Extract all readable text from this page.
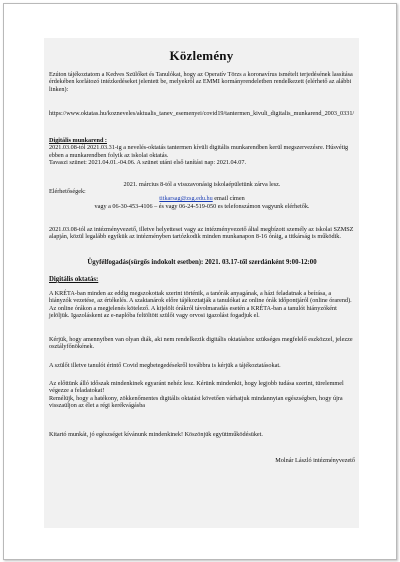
Közlemény

Ezúton tájékoztatom a Kedves Szülőket és Tanulókat, hogy az Operatív Törzs a koronavírus ismételt terjedésének lassítása érdekében korlátozó intézkedéseket jelentett be, melyekről az EMMI kormányrendeletben rendelkezett (elérhető az alábbi linken):

https://www.oktatas.hu/kozneveles/aktualis_tanev_esemenyei/covid19/tantermen_kivuli_digitalis_munkarend_2003_0331/

Digitális munkarend :

2021.03.08-tól 2021.03.31-ig a nevelés-oktatás tantermen kívüli digitális munkarendben kerül megszervezésre. Húsvétig ebben a munkarendben folyik az iskolai oktatás.

Tavaszi szünet: 2021.04.01.-04.06. A szünet utáni első tanítási nap: 2021.04.07.

2021. március 8-tól a visszavonásig iskolaépületünk zárva lesz.

Elérhetőségek:

titkarsag@zsg.edu.hu email címen

vagy a 06-30-453-4106 – és vagy 06-24-519-050 es telefonszámon vagyunk elérhetők.

2021.03.08-tól az intézményvezető, illetve helyettesei vagy az intézményvezető által megbízott személy az iskolai SZMSZ alapján, közül legalább egyikük az intézményben tartózkodik minden munkanapon 8-16 óráig, a titkárság is működik.

Ügyfélfogadás(sürgős indokolt esetben): 2021. 03.17-től szerdánként 9:00-12:00

Digitális oktatás:

A KRÉTA-ban minden az eddig megszokottak szerint történik, a tanórák anyagának, a házi feladatnak a beírása, a hiányzók vezetése, az értékelés. A szaktanárok előre tájékoztatják a tanulókat az online órák időpontjáról (online órarend). Az online órákon a megjelenés kötelező. A kijelölt órákról távolmaradás esetén a KRÉTA-ban a tanulót hiányzóként jelöljük. Igazoláskent az e-naplóba feltöltött szülői vagy orvosi igazolást fogadjuk el.

Kérjük, hogy amennyiben van olyan diák, aki nem rendelkezik digitális oktatáshoz szükséges megfelelő eszközzel, jelezze osztályfőnökének.

A szülőt illetve tanulót érintő Covid megbetegedésekről továbbra is kérjük a tájékoztatásokat.

Az előttünk álló időszak mindenkinek egyaránt nehéz lesz. Kérünk mindenkit, hogy legjobb tudása szerint, türelemmel végezze a feladatokat!

Remélüjk, hogy a hatékony, zökkenőmentes digitális oktatást követően várhatjuk mindannyian egészségben, hogy újra visszaüljon az élet a régi kerékvágásba

Kitartó munkát, jó egészséget kívánunk mindenkinek! Köszönjük együttműködésüket.

Molnár László intézményvezető
